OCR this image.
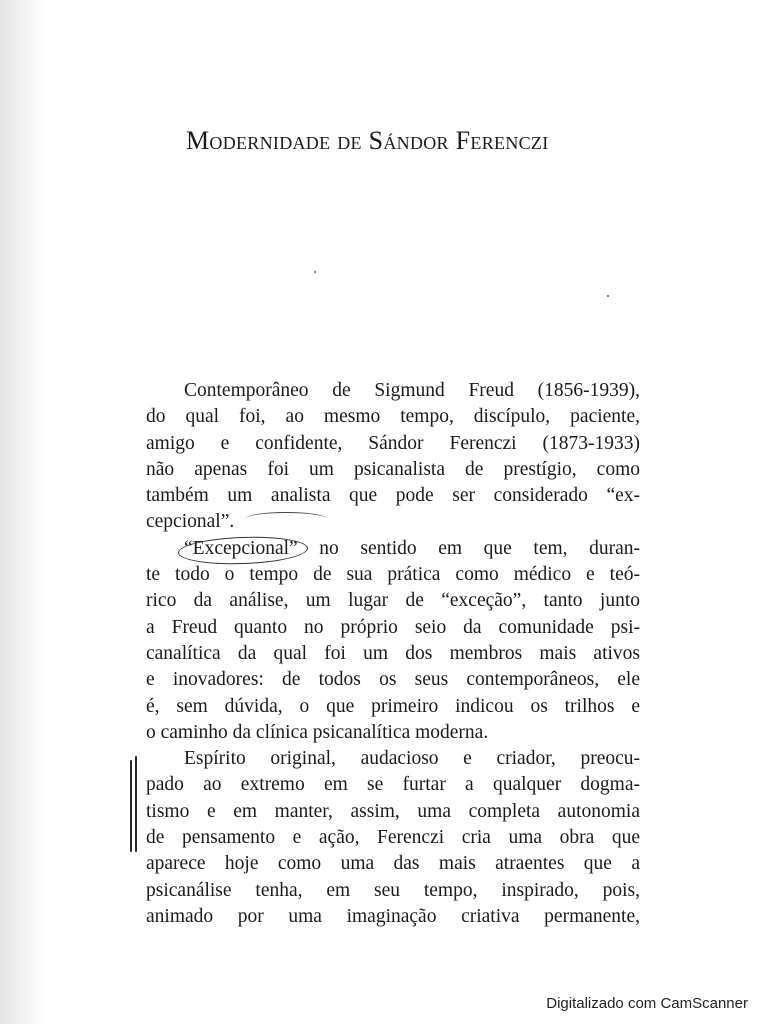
Modernidade de Sándor Ferenczi
Contemporâneo de Sigmund Freud (1856-1939),
do qual foi, ao mesmo tempo, discípulo, paciente,
amigo e confidente, Sándor Ferenczi (1873-1933)
não apenas foi um psicanalista de prestígio, como
também um analista que pode ser considerado “ex-
cepcional”.
“Excepcional” no sentido em que tem, duran-
te todo o tempo de sua prática como médico e teó-
rico da análise, um lugar de “exceção”, tanto junto
a Freud quanto no próprio seio da comunidade psi-
canalítica da qual foi um dos membros mais ativos
e inovadores: de todos os seus contemporâneos, ele
é, sem dúvida, o que primeiro indicou os trilhos e
o caminho da clínica psicanalítica moderna.
Espírito original, audacioso e criador, preocu-
pado ao extremo em se furtar a qualquer dogma-
tismo e em manter, assim, uma completa autonomia
de pensamento e ação, Ferenczi cria uma obra que
aparece hoje como uma das mais atraentes que a
psicanálise tenha, em seu tempo, inspirado, pois,
animado por uma imaginação criativa permanente,
Digitalizado com CamScanner
